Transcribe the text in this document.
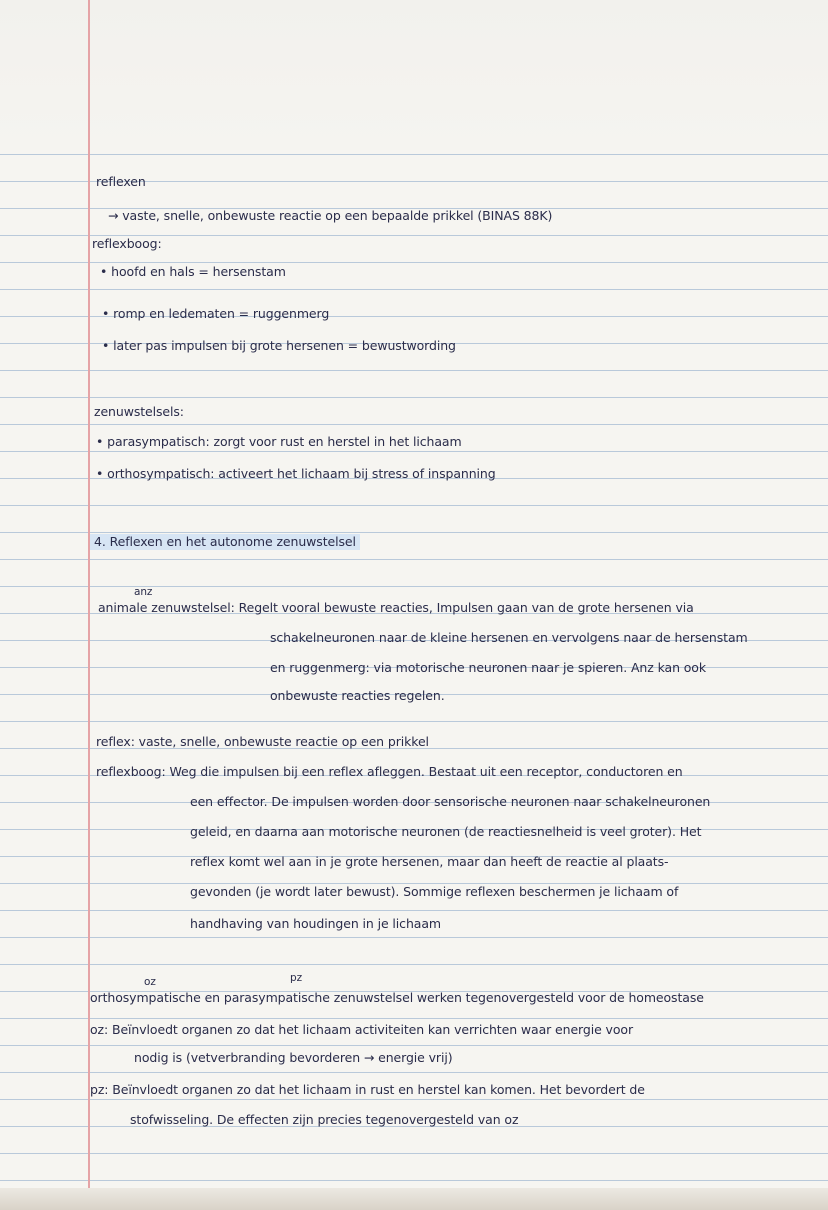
reflexen
→ vaste, snelle, onbewuste reactie op een bepaalde prikkel (BINAS 88K)
reflexboog:
• hoofd en hals = hersenstam
• romp en ledematen = ruggenmerg
• later pas impulsen bij grote hersenen = bewustwording
zenuwstelsels:
• parasympatisch: zorgt voor rust en herstel in het lichaam
• orthosympatisch: activeert het lichaam bij stress of inspanning
4. Reflexen en het autonome zenuwstelsel
anz
animale zenuwstelsel: Regelt vooral bewuste reacties, Impulsen gaan van de grote hersenen via
schakelneuronen naar de kleine hersenen en vervolgens naar de hersenstam
en ruggenmerg: via motorische neuronen naar je spieren. Anz kan ook
onbewuste reacties regelen.
reflex: vaste, snelle, onbewuste reactie op een prikkel
reflexboog: Weg die impulsen bij een reflex afleggen. Bestaat uit een receptor, conductoren en
een effector. De impulsen worden door sensorische neuronen naar schakelneuronen
geleid, en daarna aan motorische neuronen (de reactiesnelheid is veel groter). Het
reflex komt wel aan in je grote hersenen, maar dan heeft de reactie al plaats-
gevonden (je wordt later bewust). Sommige reflexen beschermen je lichaam of
handhaving van houdingen in je lichaam
oz	pz
orthosympatische en parasympatische zenuwstelsel werken tegenovergesteld voor de homeostase
oz: Beïnvloedt organen zo dat het lichaam activiteiten kan verrichten waar energie voor
nodig is (vetverbranding bevorderen → energie vrij)
pz: Beïnvloedt organen zo dat het lichaam in rust en herstel kan komen. Het bevordert de
stofwisseling. De effecten zijn precies tegenovergesteld van oz
